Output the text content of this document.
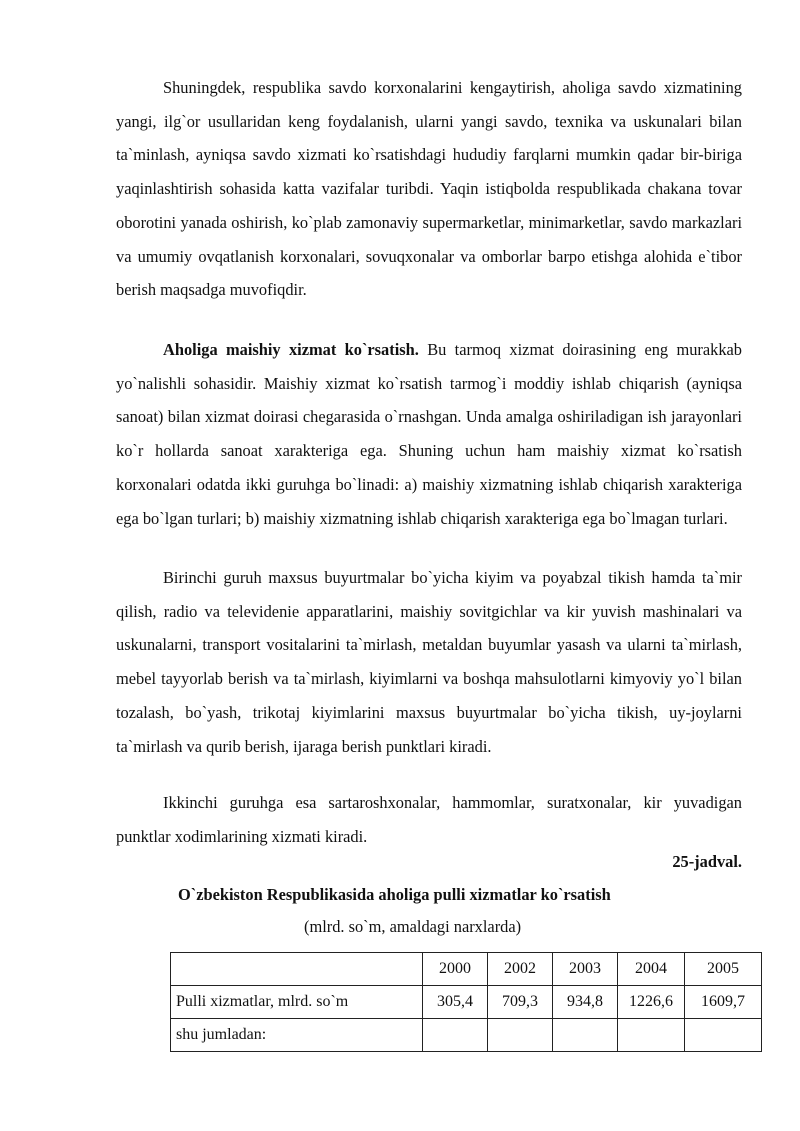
Shuningdek, respublika savdo korxonalarini kengaytirish, aholiga savdo xizmatining yangi, ilg`or usullaridan keng foydalanish, ularni yangi savdo, texnika va uskunalari bilan ta`minlash, ayniqsa savdo xizmati ko`rsatishdagi hududiy farqlarni mumkin qadar bir-biriga yaqinlashtirish sohasida katta vazifalar turibdi. Yaqin istiqbolda respublikada chakana tovar oborotini yanada oshirish, ko`plab zamonaviy supermarketlar, minimarketlar, savdo markazlari va umumiy ovqatlanish korxonalari, sovuqxonalar va omborlar barpo etishga alohida e`tibor berish maqsadga muvofiqdir.

Aholiga maishiy xizmat ko`rsatish. Bu tarmoq xizmat doirasining eng murakkab yo`nalishli sohasidir. Maishiy xizmat ko`rsatish tarmog`i moddiy ishlab chiqarish (ayniqsa sanoat) bilan xizmat doirasi chegarasida o`rnashgan. Unda amalga oshiriladigan ish jarayonlari ko`r hollarda sanoat xarakteriga ega. Shuning uchun ham maishiy xizmat ko`rsatish korxonalari odatda ikki guruhga bo`linadi: a) maishiy xizmatning ishlab chiqarish xarakteriga ega bo`lgan turlari; b) maishiy xizmatning ishlab chiqarish xarakteriga ega bo`lmagan turlari.

Birinchi guruh maxsus buyurtmalar bo`yicha kiyim va poyabzal tikish hamda ta`mir qilish, radio va televidenie apparatlarini, maishiy sovitgichlar va kir yuvish mashinalari va uskunalarni, transport vositalarini ta`mirlash, metaldan buyumlar yasash va ularni ta`mirlash, mebel tayyorlab berish va ta`mirlash, kiyimlarni va boshqa mahsulotlarni kimyoviy yo`l bilan tozalash, bo`yash, trikotaj kiyimlarini maxsus buyurtmalar bo`yicha tikish, uy-joylarni ta`mirlash va qurib berish, ijaraga berish punktlari kiradi.

Ikkinchi guruhga esa sartaroshxonalar, hammomlar, suratxonalar, kir yuvadigan punktlar xodimlarining xizmati kiradi.

25-jadval.

O`zbekiston Respublikasida aholiga pulli xizmatlar ko`rsatish

(mlrd. so`m, amaldagi narxlarda)

	2000	2002	2003	2004	2005
Pulli xizmatlar, mlrd. so`m	305,4	709,3	934,8	1226,6	1609,7
shu jumladan:					
